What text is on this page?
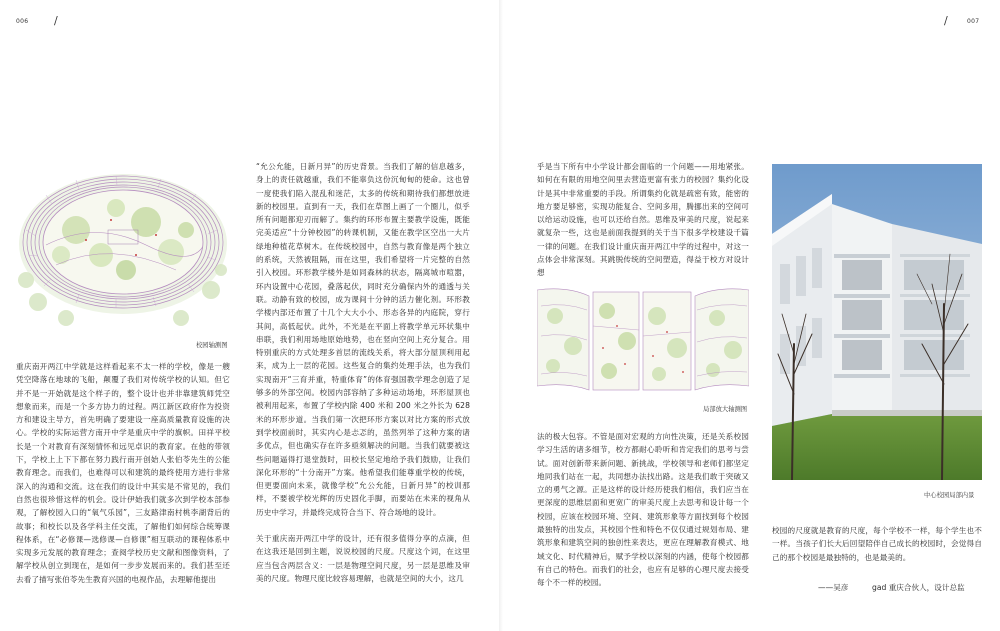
006 /	/	007
校园轴测图

重庆南开两江中学就是这样看起来不太一样的学校，像是一艘凭空降落在地球的飞船，颠覆了我们对传统学校的认知。但它并不是一开始就是这个样子的，整个设计也并非靠建筑师凭空想象而来，而是一个多方协力的过程。两江新区政府作为投资方和建设主导方，首先明确了要建设一座高质量教育设施的决心。学校的实际运营方南开中学是重庆中学的旗帜。田祥平校长是一个对教育有深刻情怀和远见卓识的教育家。在他的带领下，学校上上下下都在努力践行南开创始人张伯苓先生的公能教育理念。而我们，也难得可以和建筑的最终使用方进行非常深入的沟通和交流。这在我们的设计中其实是不常见的，我们自然也很珍惜这样的机会。设计伊始我们就多次到学校本部参观，了解校园入口的“氧气乐园”，三友路津南村桃李湖背后的故事；和校长以及各学科主任交流，了解他们如何综合统筹课程体系，在“必修课—选修课—自修课”相互联动的课程体系中实现多元发展的教育理念；查阅学校历史文献和图像资料，了解学校从创立到现在，是如何一步步发展而来的。我们甚至还去看了描写张伯苓先生教育兴国的电视作品，去理解他提出

“允公允能，日新月异”的历史背景。当我们了解的信息越多，身上的责任就越重，我们不能辜负这份沉甸甸的使命。这也曾一度使我们陷入混乱和迷茫，太多的传统和期待我们都想放进新的校园里。直到有一天，我们在草图上画了一个圈儿，似乎所有问题都迎刃而解了。集约的环形布置主要教学设施，既能完美适应“十分钟校园”的转课机制，又能在教学区空出一大片绿地种植花草树木。在传统校园中，自然与教育像是两个独立的系统，天然被阻隔，而在这里，我们希望将一片完整的自然引入校园。环形教学楼外是如同森林的状态，隔离城市喧嚣，环内设置中心花园，叠落起伏，同时充分确保内外的通透与关联。动静有致的校园，成为课间十分钟的活力催化剂。环形教学楼内部还布置了十几个大大小小、形态各异的内庭院，穿行其间，高低起伏。此外，不光是在平面上将教学单元环状集中串联，我们利用场地原始地势，也在竖向空间上充分复合。用特别重庆的方式处理多首层的流线关系，将大部分屋顶利用起来，成为上一层的花园。这些复合的集约处理手法，也为我们实现南开“三育并重，特重体育”的体育强国教学理念创造了足够多的外部空间。校园内部容纳了多种运动场地，环形屋顶也被利用起来，布置了学校内除 400 米和 200 米之外长为 628 米的环形步道。当我们第一次把环形方案以对比方案的形式放到学校面前时，其实内心是忐忑的，虽然列举了这种方案的诸多优点，但也确实存在许多亟须解决的问题。当我们就要被这些问题逼得打退堂鼓时，田校长坚定地给予我们鼓励，让我们深化环形的“十分南开”方案。他希望我们能尊重学校的传统，但更要面向未来，就像学校“允公允能，日新月异”的校训那样，不要被学校光辉的历史固化手脚，而要站在未来的视角从历史中学习，并最终完成符合当下、符合场地的设计。

关于重庆南开两江中学的设计，还有很多值得分享的点滴，但在这我还是回到主题，说说校园的尺度。尺度这个词，在这里应当包含两层含义：一层是物理空间尺度，另一层是思维及审美的尺度。物理尺度比较容易理解，也就是空间的大小，这几

乎是当下所有中小学设计都会面临的一个问题——用地紧张。如何在有限的用地空间里去营造更富有张力的校园？集约化设计是其中非常重要的手段。所谓集约化就是疏密有致，能密的地方要足够密，实现功能复合、空间多用，腾挪出来的空间可以给运动设施，也可以还给自然。思维及审美的尺度，说起来就复杂一些，这也是前面我提到的关于当下很多学校建设千篇一律的问题。在我们设计重庆南开两江中学的过程中，对这一点体会非常深刻。其跳脱传统的空间塑造，得益于校方对设计想

局部放大轴测图

法的极大包容。不管是面对宏观的方向性决策，还是关系校园学习生活的诸多细节，校方都耐心聆听和肯定我们的思考与尝试。面对创新带来新问题、新挑战，学校领导和老师们都坚定地同我们站在一起，共同想办法找出路。这是我们敢于突破又立的勇气之源。正是这样的设计经历使我们相信，我们应当在更深度的思维层面和更宽广的审美尺度上去思考和设计每一个校园，应该在校园环境、空间、建筑形象等方面找到每个校园最独特的出发点，其校园个性和特色不仅仅通过规划布局、建筑形象和建筑空间的独创性来表达，更应在理解教育模式、地域文化、时代精神后，赋予学校以深刻的内涵，使每个校园都有自己的特色。而我们的社会，也应有足够的心理尺度去接受每个不一样的校园。

中心校园局部内景

校园的尺度就是教育的尺度，每个学校不一样，每个学生也不一样。当孩子们长大后回望陪伴自己成长的校园时，会觉得自己的那个校园是最独特的，也是最美的。

——吴彦	gad 重庆合伙人，设计总监
